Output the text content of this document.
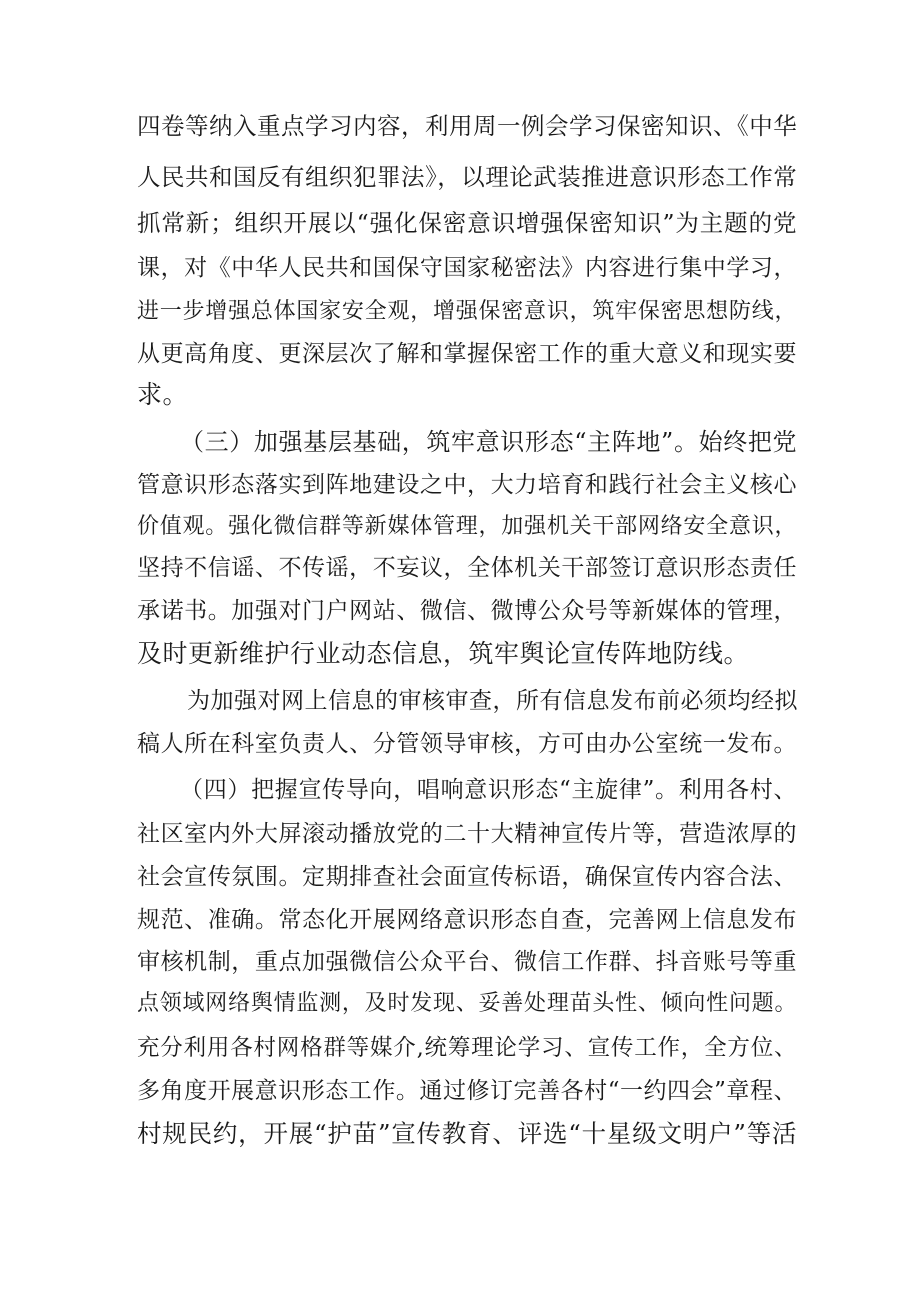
四卷等纳入重点学习内容，利用周一例会学习保密知识、《中华
人民共和国反有组织犯罪法》，以理论武装推进意识形态工作常
抓常新；组织开展以“强化保密意识增强保密知识”为主题的党
课，对《中华人民共和国保守国家秘密法》内容进行集中学习，
进一步增强总体国家安全观，增强保密意识，筑牢保密思想防线，
从更高角度、更深层次了解和掌握保密工作的重大意义和现实要
求。
（三）加强基层基础，筑牢意识形态“主阵地”。始终把党
管意识形态落实到阵地建设之中，大力培育和践行社会主义核心
价值观。强化微信群等新媒体管理，加强机关干部网络安全意识，
坚持不信谣、不传谣，不妄议，全体机关干部签订意识形态责任
承诺书。加强对门户网站、微信、微博公众号等新媒体的管理，
及时更新维护行业动态信息，筑牢舆论宣传阵地防线。
为加强对网上信息的审核审查，所有信息发布前必须均经拟
稿人所在科室负责人、分管领导审核，方可由办公室统一发布。
（四）把握宣传导向，唱响意识形态“主旋律”。利用各村、
社区室内外大屏滚动播放党的二十大精神宣传片等，营造浓厚的
社会宣传氛围。定期排查社会面宣传标语，确保宣传内容合法、
规范、准确。常态化开展网络意识形态自查，完善网上信息发布
审核机制，重点加强微信公众平台、微信工作群、抖音账号等重
点领域网络舆情监测，及时发现、妥善处理苗头性、倾向性问题。
充分利用各村网格群等媒介,统筹理论学习、宣传工作，全方位、
多角度开展意识形态工作。通过修订完善各村“一约四会”章程、
村规民约，开展“护苗”宣传教育、评选“十星级文明户”等活
